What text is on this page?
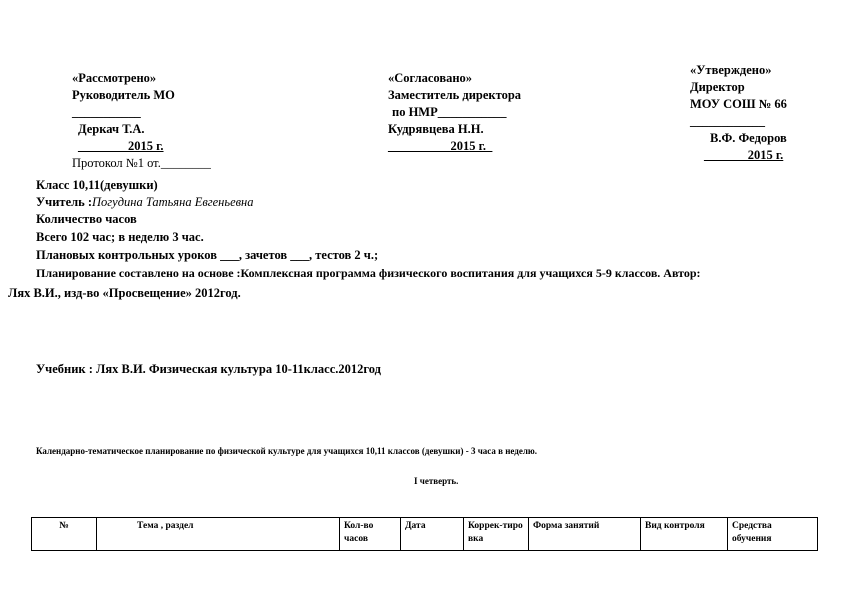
«Рассмотрено»
Руководитель МО
___________
Деркач Т.А.
________2015 г.
Протокол №1 от.________
«Согласовано»
Заместитель директора
по НМР___________
Кудрявцева Н.Н.
__________2015 г._
«Утверждено»
Директор
МОУ СОШ № 66
____________
В.Ф. Федоров
_______2015 г.
Класс 10,11(девушки)
Учитель :Погудина Татьяна Евгеньевна
Количество часов
Всего 102 час; в неделю 3 час.
Плановых контрольных уроков ___, зачетов ___, тестов 2 ч.;
Планирование составлено на основе :Комплексная программа физического воспитания для учащихся 5-9 классов. Автор:
Лях В.И., изд-во «Просвещение» 2012год.
Учебник : Лях В.И. Физическая культура 10-11класс.2012год
Календарно-тематическое планирование по физической культуре для учащихся 10,11 классов (девушки) - 3 часа в неделю.
I четверть.
№	Тема , раздел	Кол-во часов	Дата	Коррек-тировка	Форма занятий	Вид контроля	Средства обучения
